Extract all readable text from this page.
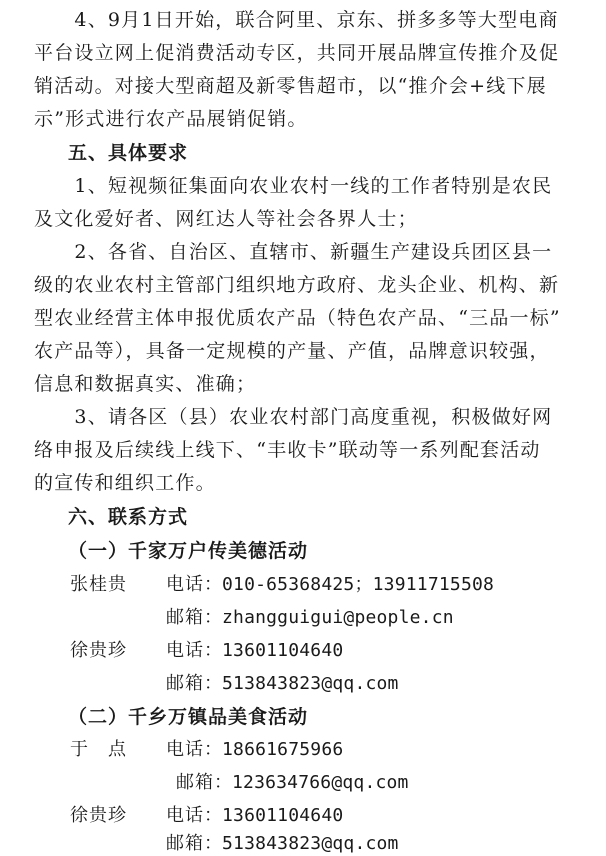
　　4、9月1日开始，联合阿里、京东、拼多多等大型电商
平台设立网上促消费活动专区，共同开展品牌宣传推介及促
销活动。对接大型商超及新零售超市，以“推介会+线下展
示”形式进行农产品展销促销。
五、具体要求
　　1、短视频征集面向农业农村一线的工作者特别是农民
及文化爱好者、网红达人等社会各界人士；
　　2、各省、自治区、直辖市、新疆生产建设兵团区县一
级的农业农村主管部门组织地方政府、龙头企业、机构、新
型农业经营主体申报优质农产品（特色农产品、“三品一标”
农产品等），具备一定规模的产量、产值，品牌意识较强，
信息和数据真实、准确；
　　3、请各区（县）农业农村部门高度重视，积极做好网
络申报及后续线上线下、“丰收卡”联动等一系列配套活动
的宣传和组织工作。
六、联系方式
（一）千家万户传美德活动
张桂贵 电话： 010-65368425；13911715508
邮箱： zhangguigui@people.cn
徐贵珍 电话： 13601104640
邮箱： 513843823@qq.com
（二）千乡万镇品美食活动
于　点 电话： 18661675966
邮箱： 123634766@qq.com
徐贵珍 电话： 13601104640
邮箱： 513843823@qq.com
